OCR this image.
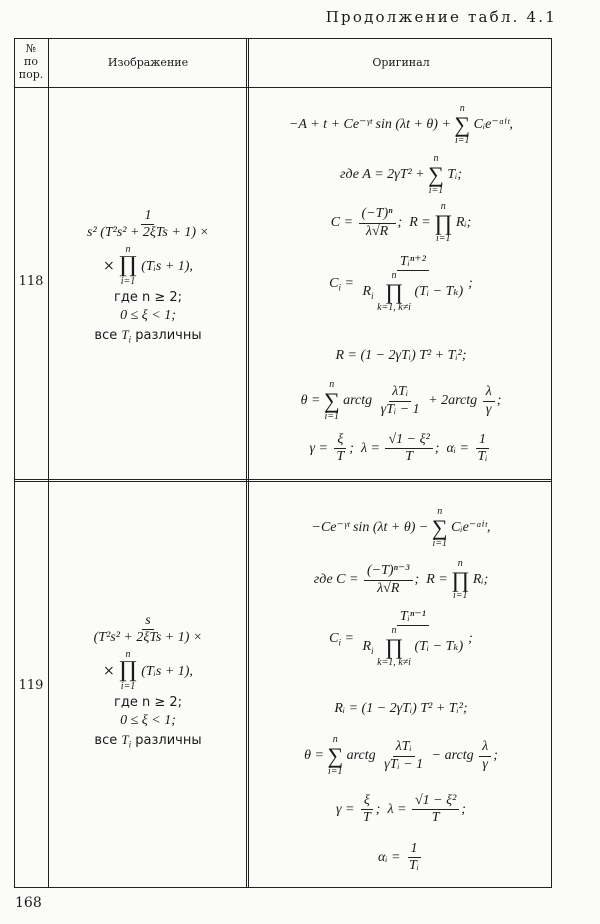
Продолжение табл. 4.1
№
по
пор.
Изображение	Оригинал
118
$\frac{1}{\text{s² (T²s² + 2ξTs + 1) ×}}$
×
n
∏
i=1
(Tᵢs + 1),
где n ≥ 2;
0 ≤ ξ < 1;
все $T_i$ различны
−A + t + Ce⁻ᵞᵗ sin (λt + θ) +
n
∑
i=1
Cᵢe⁻ᵅⁱᵗ,
где A = 2γT² +
n
∑
i=1
Tᵢ;
$C = \frac{\text{(−T)ⁿ}}{\lambda√R}$ ;  R =
n
∏
i=1
Rᵢ;
$C_i$ = Tᵢⁿ⁺²
$R_i$
n
∏
k=1, k≠i
(Tᵢ − Tₖ) ;
R = (1 − 2γTᵢ) T² + Tᵢ²;
θ =
n
∑
i=1
arctg $\frac{\text{λTᵢ}}{\text{γTᵢ − 1}}$ + 2arctg $\frac{\lambda}{\gamma}$ ;
$\gamma = \frac{\xi}{T}$ ;  $\lambda = \frac{\text{√1 − ξ²}}{T}$ ;  αᵢ = $\frac{1}{\text{Tᵢ}}$
119
$\frac{s}{\text{(T²s² + 2ξTs + 1) ×}}$
×
n
∏
i=1
(Tᵢs + 1),
где n ≥ 2;
0 ≤ ξ < 1;
все $T_i$ различны
−Ce⁻ᵞᵗ sin (λt + θ) −
n
∑
i=1
Cᵢe⁻ᵅⁱᵗ,
где $C = \frac{\text{(−T)ⁿ⁻³}}{\lambda√R}$ ;  R =
n
∏
i=1
Rᵢ;
$C_i$ = Tᵢⁿ⁻¹
$R_i$
n
∏
k=1, k≠i
(Tᵢ − Tₖ) ;
Rᵢ = (1 − 2γTᵢ) T² + Tᵢ²;
θ =
n
∑
i=1
arctg $\frac{\text{λTᵢ}}{\text{γTᵢ − 1}}$ − arctg $\frac{\lambda}{\gamma}$ ;
$\gamma = \frac{\xi}{T}$ ;  $\lambda = \frac{\text{√1 − ξ²}}{T}$ ;
αᵢ = $\frac{1}{\text{Tᵢ}}$
168
